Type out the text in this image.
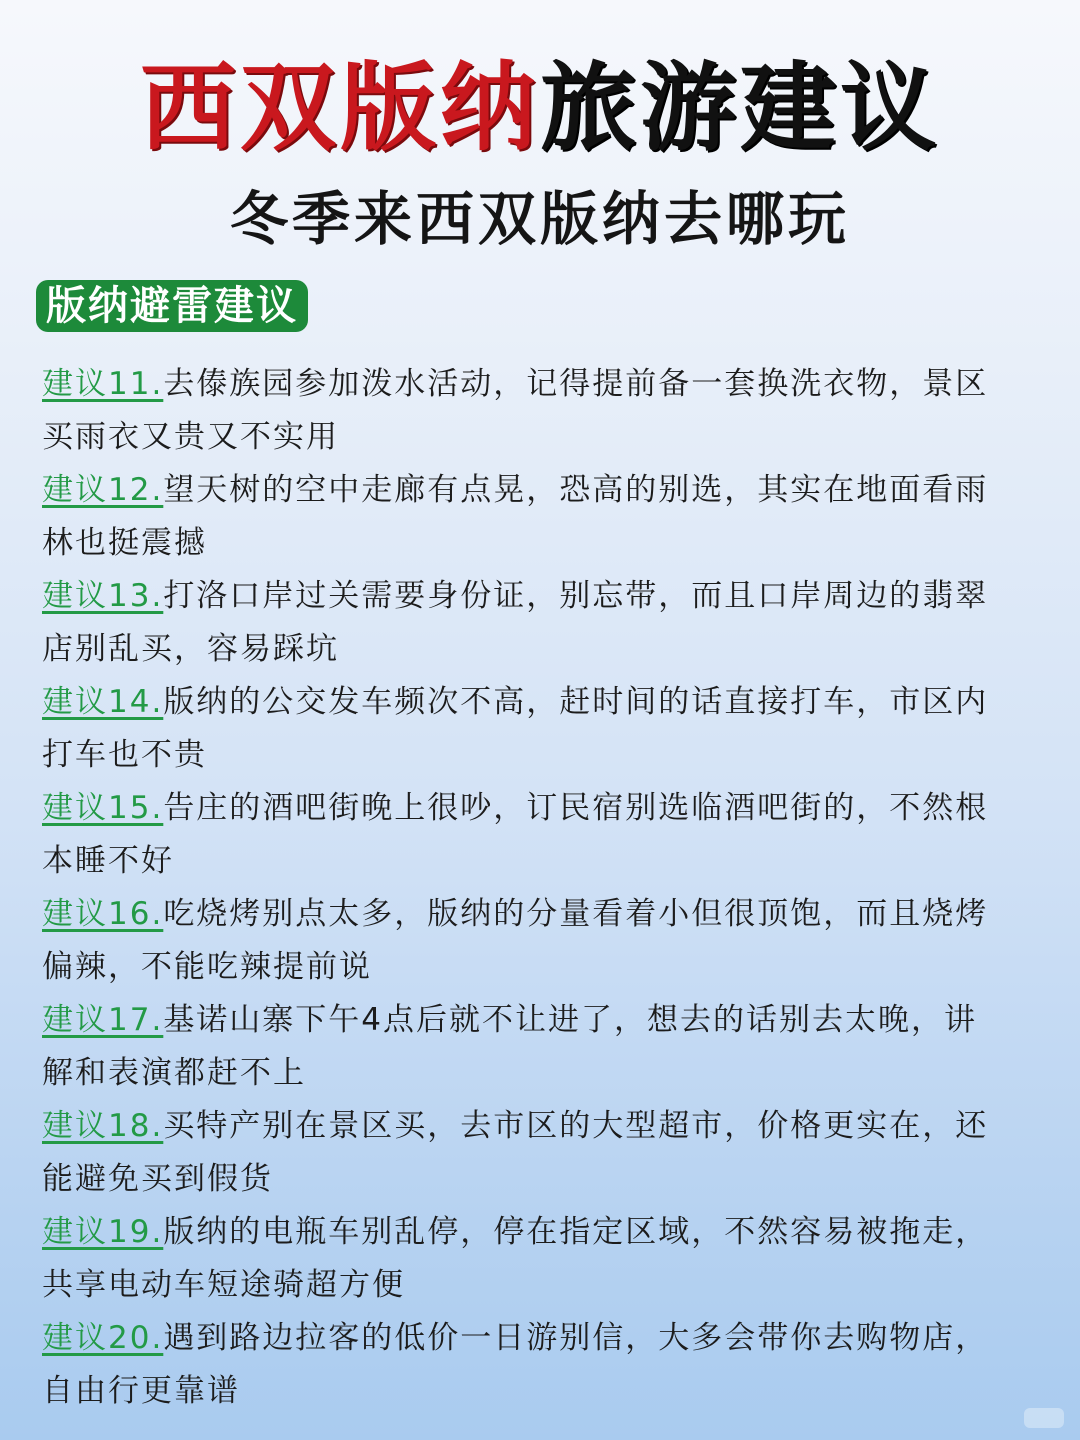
西双版纳旅游建议
冬季来西双版纳去哪玩
版纳避雷建议
建议11.去傣族园参加泼水活动，记得提前备一套换洗衣物，景区买雨衣又贵又不实用
建议12.望天树的空中走廊有点晃，恐高的别选，其实在地面看雨林也挺震撼
建议13.打洛口岸过关需要身份证，别忘带，而且口岸周边的翡翠店别乱买，容易踩坑
建议14.版纳的公交发车频次不高，赶时间的话直接打车，市区内打车也不贵
建议15.告庄的酒吧街晚上很吵，订民宿别选临酒吧街的，不然根本睡不好
建议16.吃烧烤别点太多，版纳的分量看着小但很顶饱，而且烧烤偏辣，不能吃辣提前说
建议17.基诺山寨下午4点后就不让进了，想去的话别去太晚，讲解和表演都赶不上
建议18.买特产别在景区买，去市区的大型超市，价格更实在，还能避免买到假货
建议19.版纳的电瓶车别乱停，停在指定区域，不然容易被拖走，共享电动车短途骑超方便
建议20.遇到路边拉客的低价一日游别信，大多会带你去购物店，自由行更靠谱
